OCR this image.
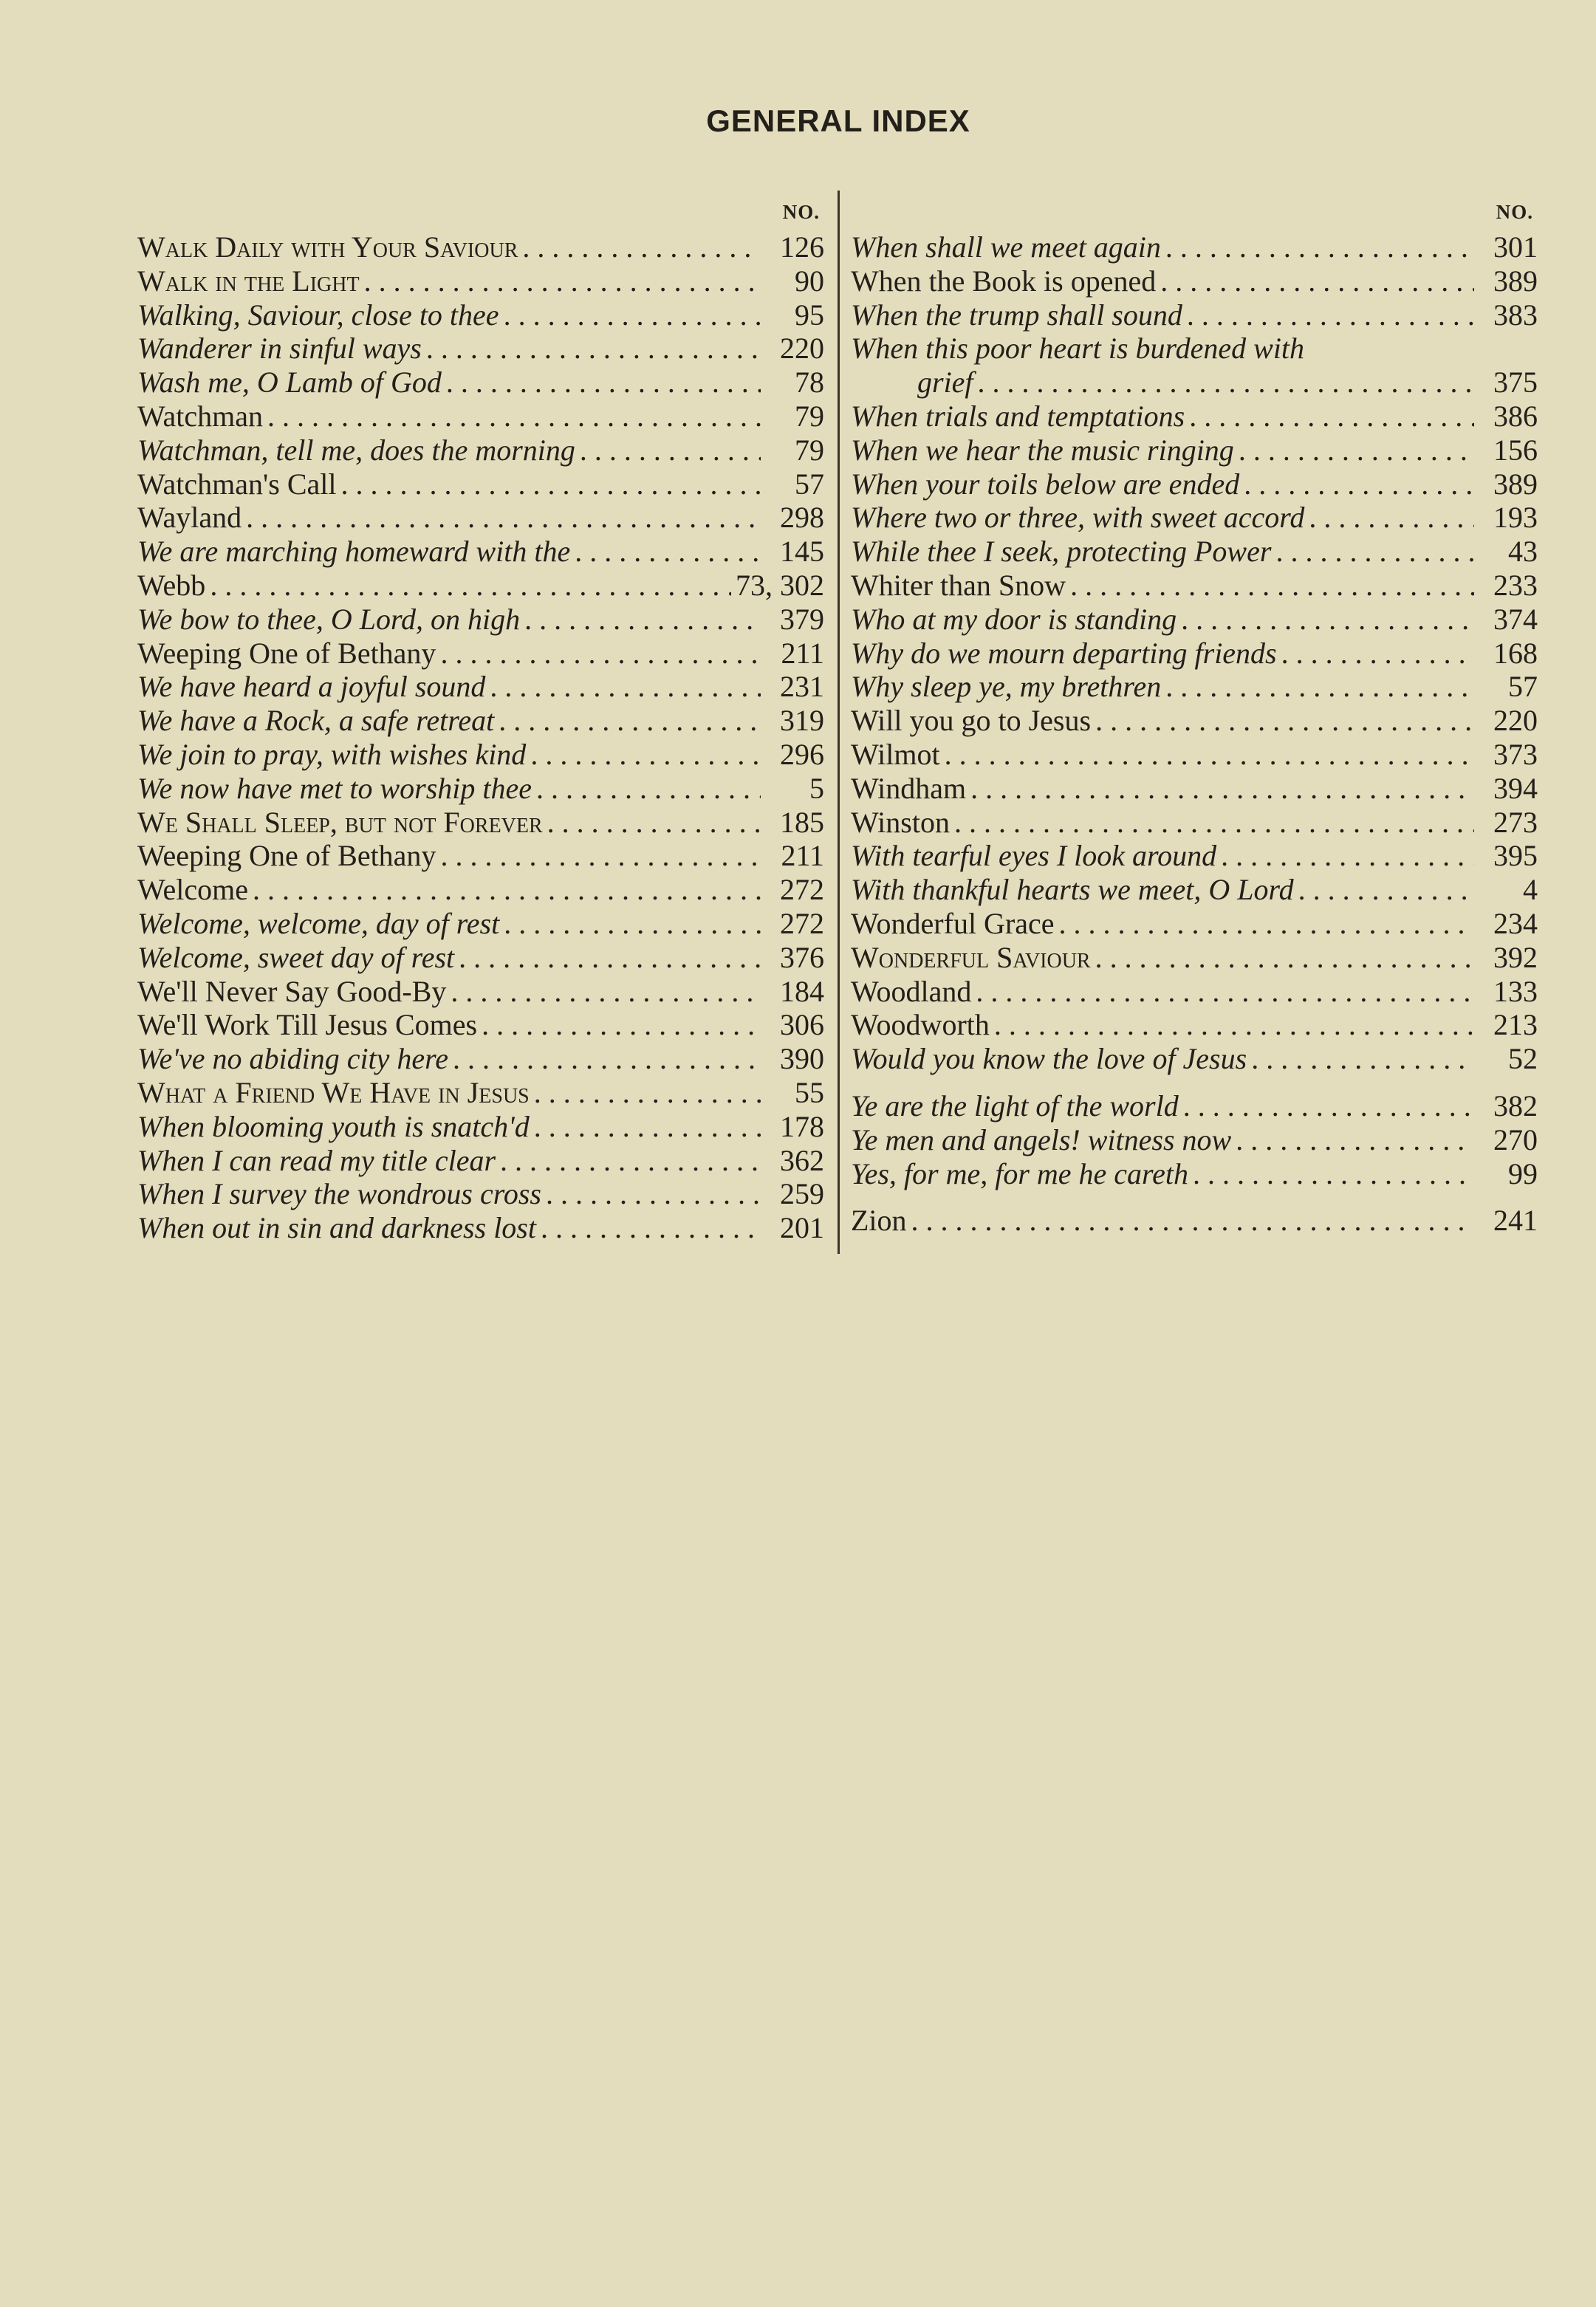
GENERAL INDEX
NO.
Walk Daily with Your Saviour . . .	126
Walk in the Light . . .	90
Walking, Saviour, close to thee . . .	95
Wanderer in sinful ways . . .	220
Wash me, O Lamb of God . . .	78
Watchman . . .	79
Watchman, tell me, does the morning . . .	79
Watchman's Call . . .	57
Wayland . . .	298
We are marching homeward with the . . .	145
Webb . . .	73, 302
We bow to thee, O Lord, on high . . .	379
Weeping One of Bethany . . .	211
We have heard a joyful sound . . .	231
We have a Rock, a safe retreat . . .	319
We join to pray, with wishes kind . . .	296
We now have met to worship thee . . .	5
We Shall Sleep, but not Forever . . .	185
Weeping One of Bethany . . .	211
Welcome . . .	272
Welcome, welcome, day of rest . . .	272
Welcome, sweet day of rest . . .	376
We'll Never Say Good-By . . .	184
We'll Work Till Jesus Comes . . .	306
We've no abiding city here . . .	390
What a Friend We Have in Jesus . . .	55
When blooming youth is snatch'd . . .	178
When I can read my title clear . . .	362
When I survey the wondrous cross . . .	259
When out in sin and darkness lost . . .	201
NO.
When shall we meet again . . .	301
When the Book is opened . . .	389
When the trump shall sound . . .	383
When this poor heart is burdened with
grief . . .	375
When trials and temptations . . .	386
When we hear the music ringing . . .	156
When your toils below are ended . . .	389
Where two or three, with sweet accord . . .	193
While thee I seek, protecting Power . . .	43
Whiter than Snow . . .	233
Who at my door is standing . . .	374
Why do we mourn departing friends . . .	168
Why sleep ye, my brethren . . .	57
Will you go to Jesus . . .	220
Wilmot . . .	373
Windham . . .	394
Winston . . .	273
With tearful eyes I look around . . .	395
With thankful hearts we meet, O Lord . . .	4
Wonderful Grace . . .	234
Wonderful Saviour . . .	392
Woodland . . .	133
Woodworth . . .	213
Would you know the love of Jesus . . .	52
Ye are the light of the world . . .	382
Ye men and angels! witness now . . .	270
Yes, for me, for me he careth . . .	99
Zion . . .	241
